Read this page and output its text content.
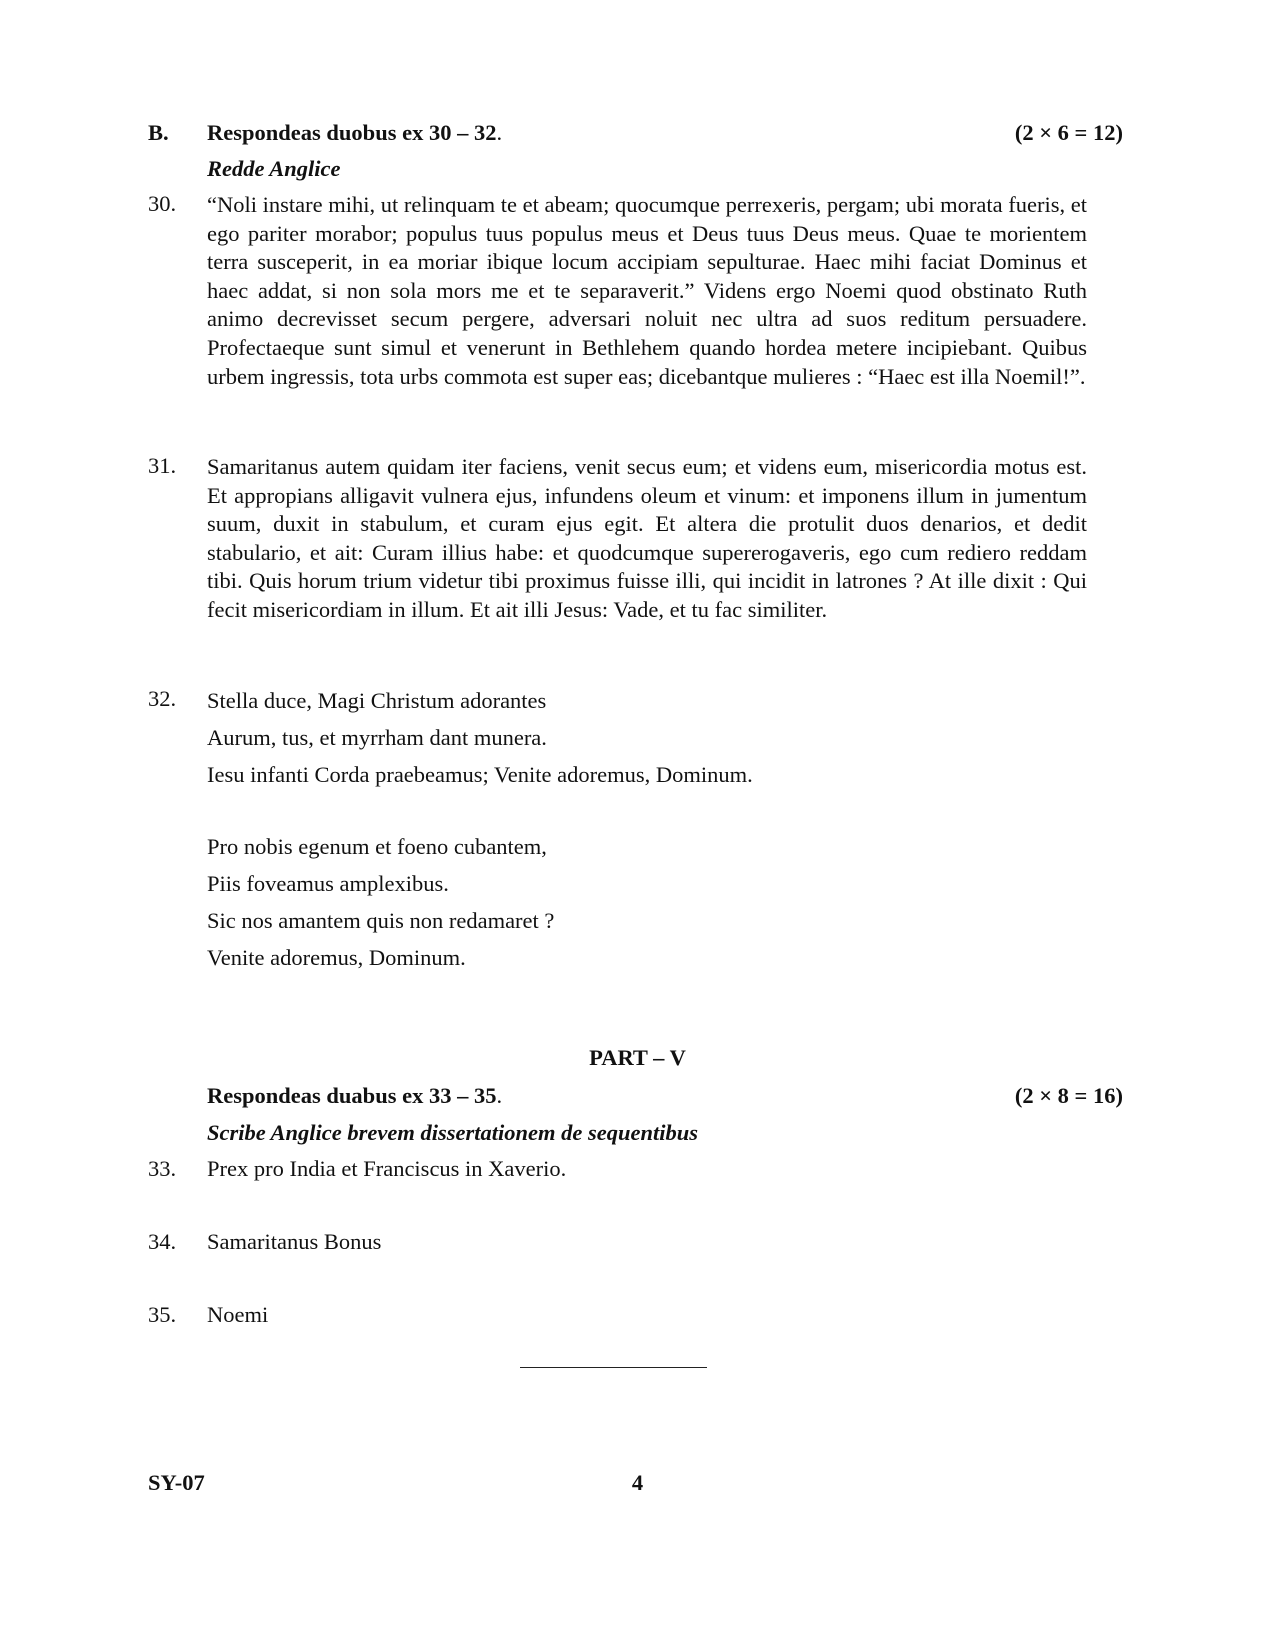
B. Respondeas duobus ex 30 – 32.	(2 × 6 = 12)
Redde Anglice
30. “Noli instare mihi, ut relinquam te et abeam; quocumque perrexeris, pergam; ubi morata fueris, et ego pariter morabor; populus tuus populus meus et Deus tuus Deus meus. Quae te morientem terra susceperit, in ea moriar ibique locum accipiam sepulturae. Haec mihi faciat Dominus et haec addat, si non sola mors me et te separaverit.” Videns ergo Noemi quod obstinato Ruth animo decrevisset secum pergere, adversari noluit nec ultra ad suos reditum persuadere. Profectaeque sunt simul et venerunt in Bethlehem quando hordea metere incipiebant. Quibus urbem ingressis, tota urbs commota est super eas; dicebantque mulieres : “Haec est illa Noemil!”.
31. Samaritanus autem quidam iter faciens, venit secus eum; et videns eum, misericordia motus est. Et appropians alligavit vulnera ejus, infundens oleum et vinum: et imponens illum in jumentum suum, duxit in stabulum, et curam ejus egit. Et altera die protulit duos denarios, et dedit stabulario, et ait: Curam illius habe: et quodcumque supererogaveris, ego cum rediero reddam tibi. Quis horum trium videtur tibi proximus fuisse illi, qui incidit in latrones ? At ille dixit : Qui fecit misericordiam in illum. Et ait illi Jesus: Vade, et tu fac similiter.
32. Stella duce, Magi Christum adorantes
Aurum, tus, et myrrham dant munera.
Iesu infanti Corda praebeamus; Venite adoremus, Dominum.
Pro nobis egenum et foeno cubantem,
Piis foveamus amplexibus.
Sic nos amantem quis non redamaret ?
Venite adoremus, Dominum.
PART – V
Respondeas duabus ex 33 – 35.	(2 × 8 = 16)
Scribe Anglice brevem dissertationem de sequentibus
33. Prex pro India et Franciscus in Xaverio.
34. Samaritanus Bonus
35. Noemi
SY-07	4
